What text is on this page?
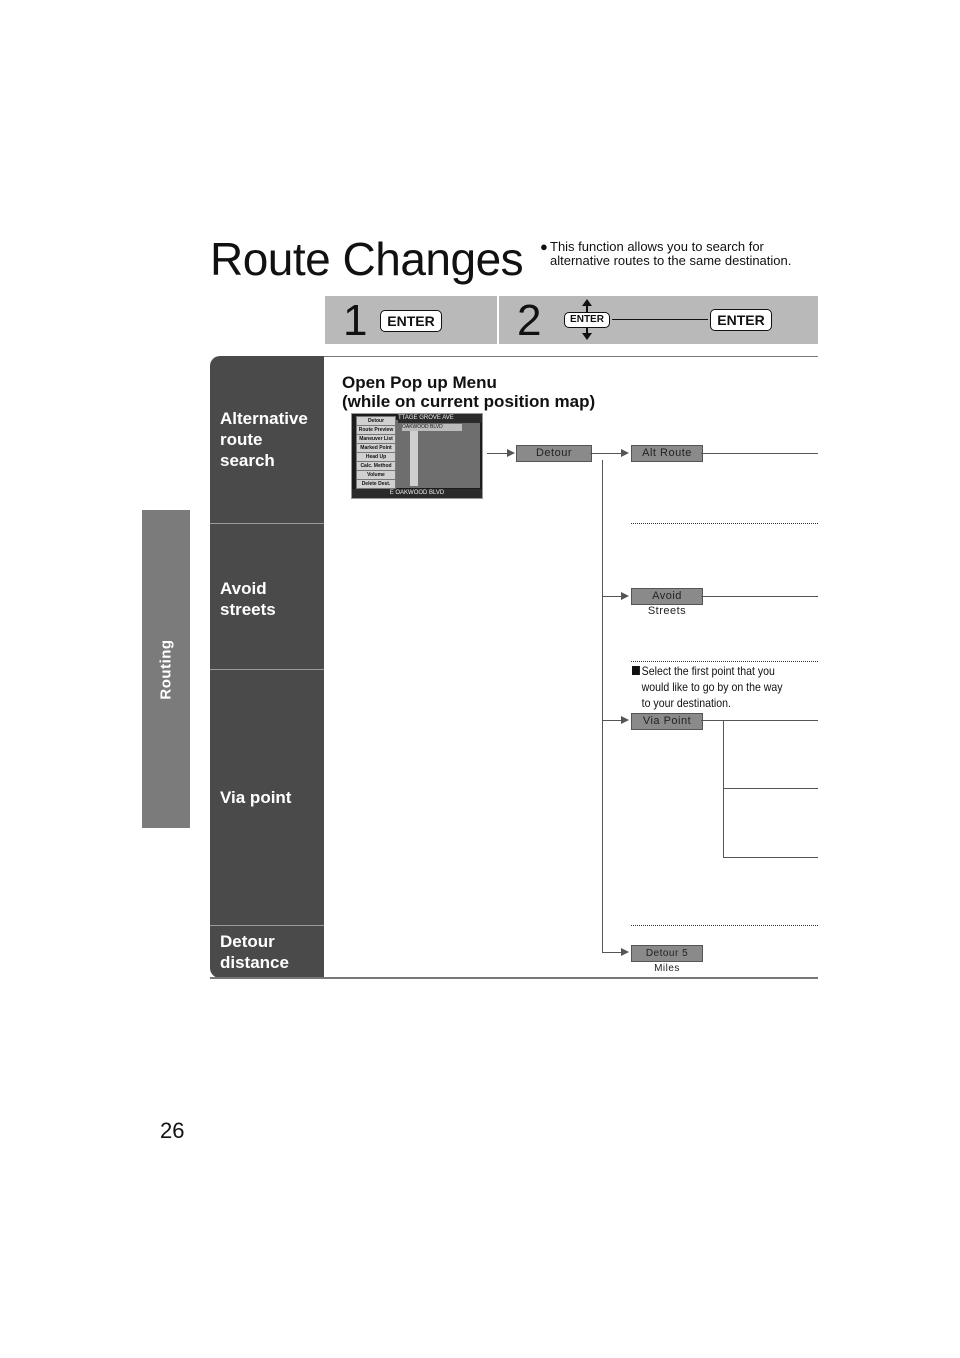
Routing
Route Changes ● This function allows you to search for alternative routes to the same destination.
1	ENTER 2	ENTER	ENTER
Alternative
route
search
Avoid
streets
Via point
Detour
distance
Open Pop up Menu
(while on current position map)
TTAGE GROVE AVE
OAKWOOD BLVD
E OAKWOOD BLVD
Detour
Route Preview
Maneuver List
Marked Point
Head Up
Calc. Method
Volume
Delete Dest.
Detour	Alt Route
Avoid Streets
Select the first point that you would like to go by on the way to your destination.
Via Point
Detour 5 Miles
26
